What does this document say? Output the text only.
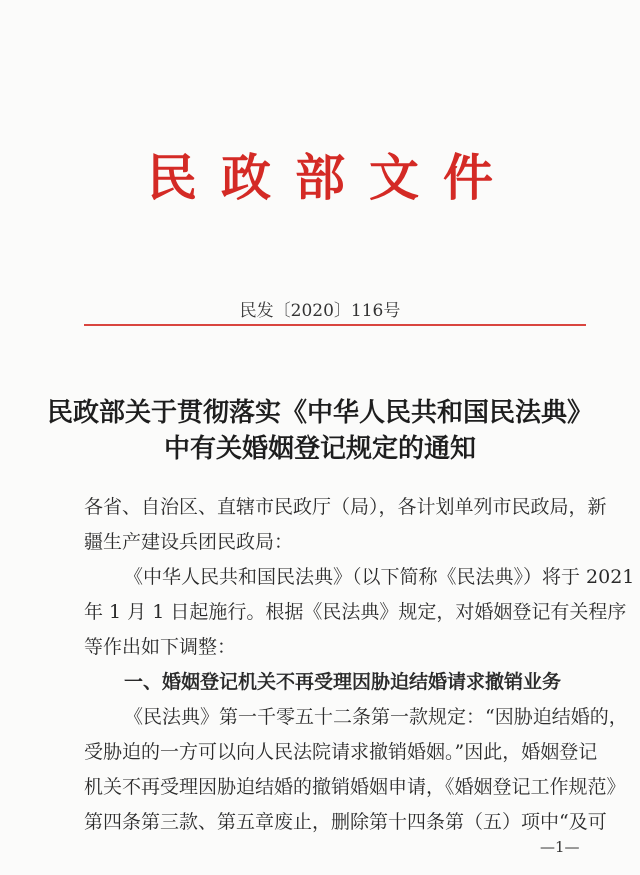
民政部文件
民发〔2020〕116号
民政部关于贯彻落实《中华人民共和国民法典》
中有关婚姻登记规定的通知
各省、自治区、直辖市民政厅（局），各计划单列市民政局，新
疆生产建设兵团民政局：
《中华人民共和国民法典》（以下简称《民法典》）将于 2021
年 1 月 1 日起施行。根据《民法典》规定，对婚姻登记有关程序
等作出如下调整：
一、婚姻登记机关不再受理因胁迫结婚请求撤销业务
《民法典》第一千零五十二条第一款规定：“因胁迫结婚的，
受胁迫的一方可以向人民法院请求撤销婚姻。”因此，婚姻登记
机关不再受理因胁迫结婚的撤销婚姻申请，《婚姻登记工作规范》
第四条第三款、第五章废止，删除第十四条第（五）项中“及可
—1—
